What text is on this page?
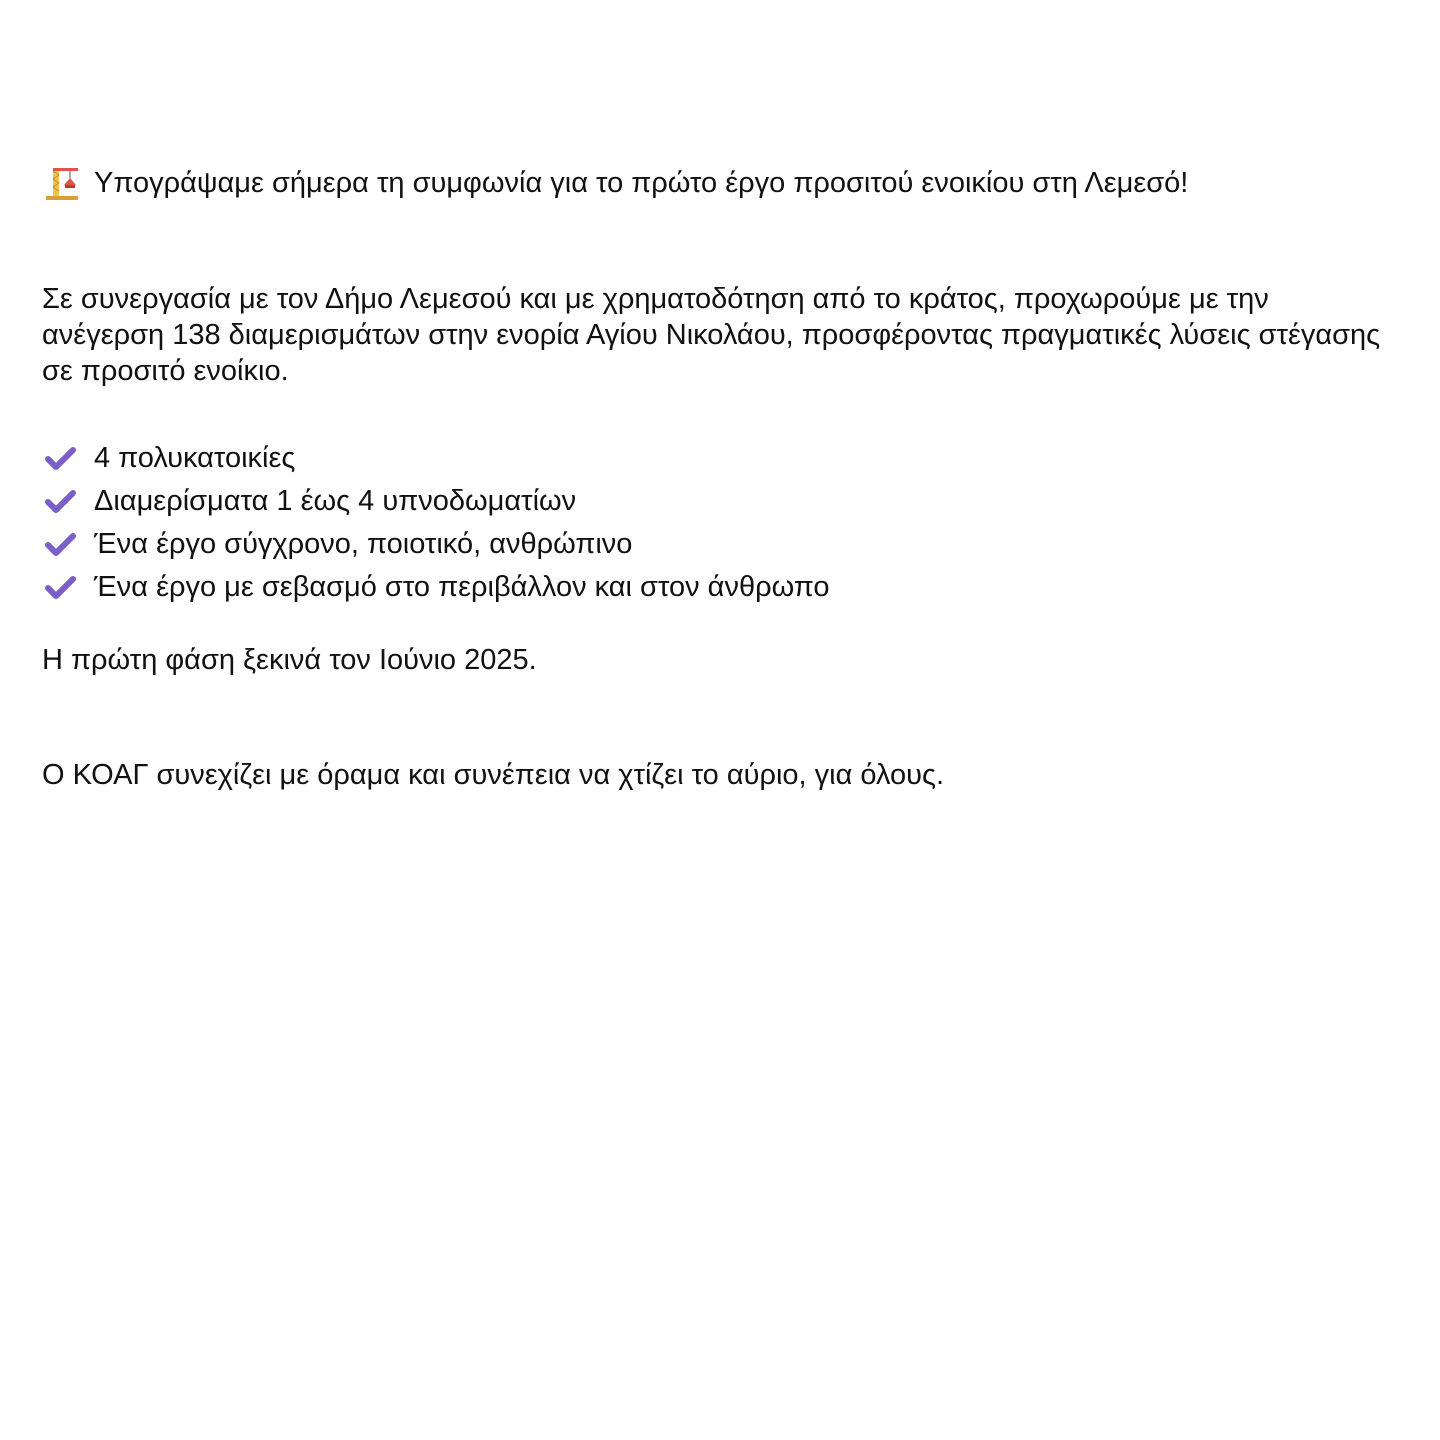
Υπογράψαμε σήμερα τη συμφωνία για το πρώτο έργο προσιτού ενοικίου στη Λεμεσό!

Σε συνεργασία με τον Δήμο Λεμεσού και με χρηματοδότηση από το κράτος, προχωρούμε με την ανέγερση 138 διαμερισμάτων στην ενορία Αγίου Νικολάου, προσφέροντας πραγματικές λύσεις στέγασης σε προσιτό ενοίκιο.

4 πολυκατοικίες
Διαμερίσματα 1 έως 4 υπνοδωματίων
Ένα έργο σύγχρονο, ποιοτικό, ανθρώπινο
Ένα έργο με σεβασμό στο περιβάλλον και στον άνθρωπο

Η πρώτη φάση ξεκινά τον Ιούνιο 2025.

Ο ΚΟΑΓ συνεχίζει με όραμα και συνέπεια να χτίζει το αύριο, για όλους.
